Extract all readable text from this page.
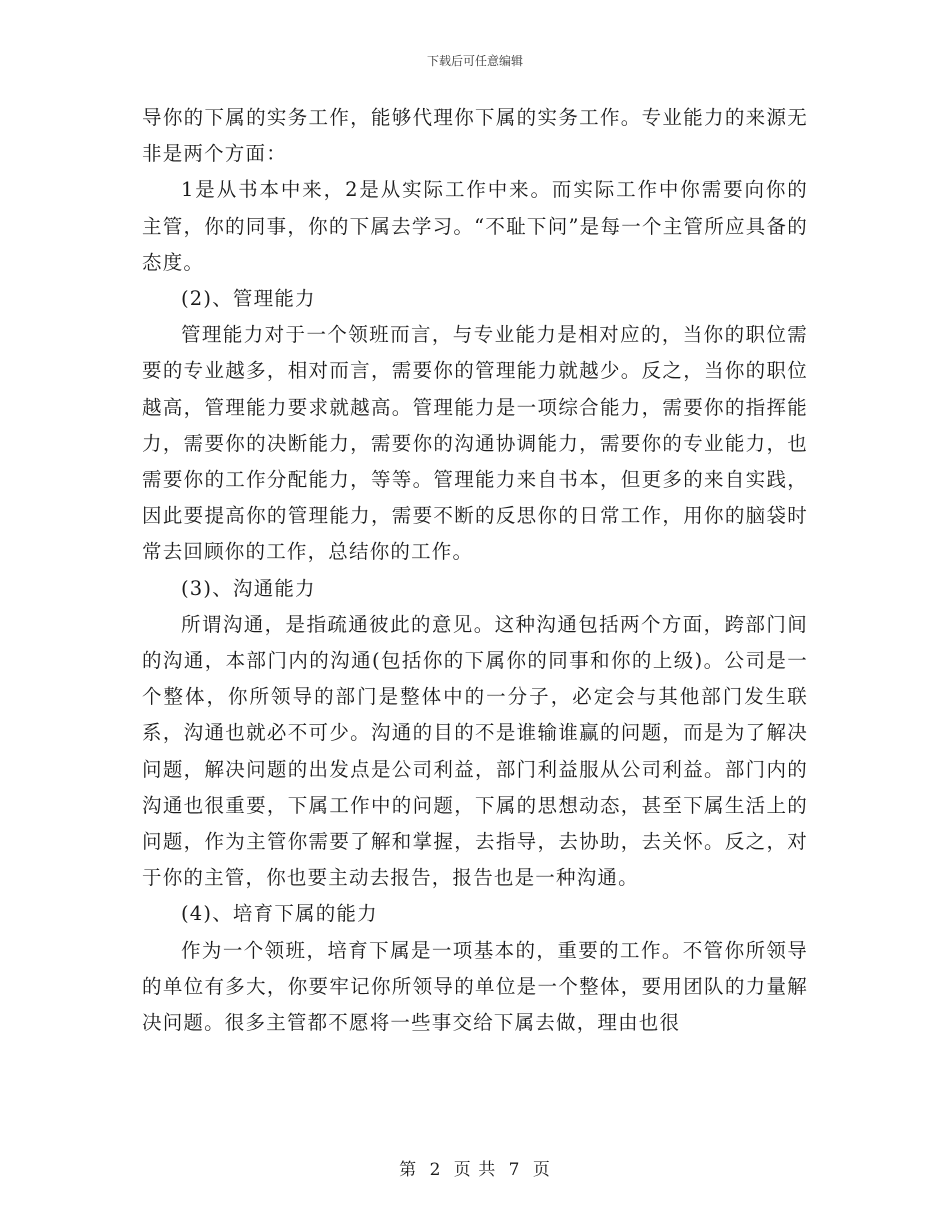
下载后可任意编辑

导你的下属的实务工作，能够代理你下属的实务工作。专业能力的来源无非是两个方面：

1是从书本中来，2是从实际工作中来。而实际工作中你需要向你的主管，你的同事，你的下属去学习。“不耻下问”是每一个主管所应具备的态度。

(2)、管理能力

管理能力对于一个领班而言，与专业能力是相对应的，当你的职位需要的专业越多，相对而言，需要你的管理能力就越少。反之，当你的职位越高，管理能力要求就越高。管理能力是一项综合能力，需要你的指挥能力，需要你的决断能力，需要你的沟通协调能力，需要你的专业能力，也需要你的工作分配能力，等等。管理能力来自书本，但更多的来自实践，因此要提高你的管理能力，需要不断的反思你的日常工作，用你的脑袋时常去回顾你的工作，总结你的工作。

(3)、沟通能力

所谓沟通，是指疏通彼此的意见。这种沟通包括两个方面，跨部门间的沟通，本部门内的沟通(包括你的下属你的同事和你的上级)。公司是一个整体，你所领导的部门是整体中的一分子，必定会与其他部门发生联系，沟通也就必不可少。沟通的目的不是谁输谁赢的问题，而是为了解决问题，解决问题的出发点是公司利益，部门利益服从公司利益。部门内的沟通也很重要，下属工作中的问题，下属的思想动态，甚至下属生活上的问题，作为主管你需要了解和掌握，去指导，去协助，去关怀。反之，对于你的主管，你也要主动去报告，报告也是一种沟通。

(4)、培育下属的能力

作为一个领班，培育下属是一项基本的，重要的工作。不管你所领导的单位有多大，你要牢记你所领导的单位是一个整体，要用团队的力量解决问题。很多主管都不愿将一些事交给下属去做，理由也很

第 2 页 共 7 页
